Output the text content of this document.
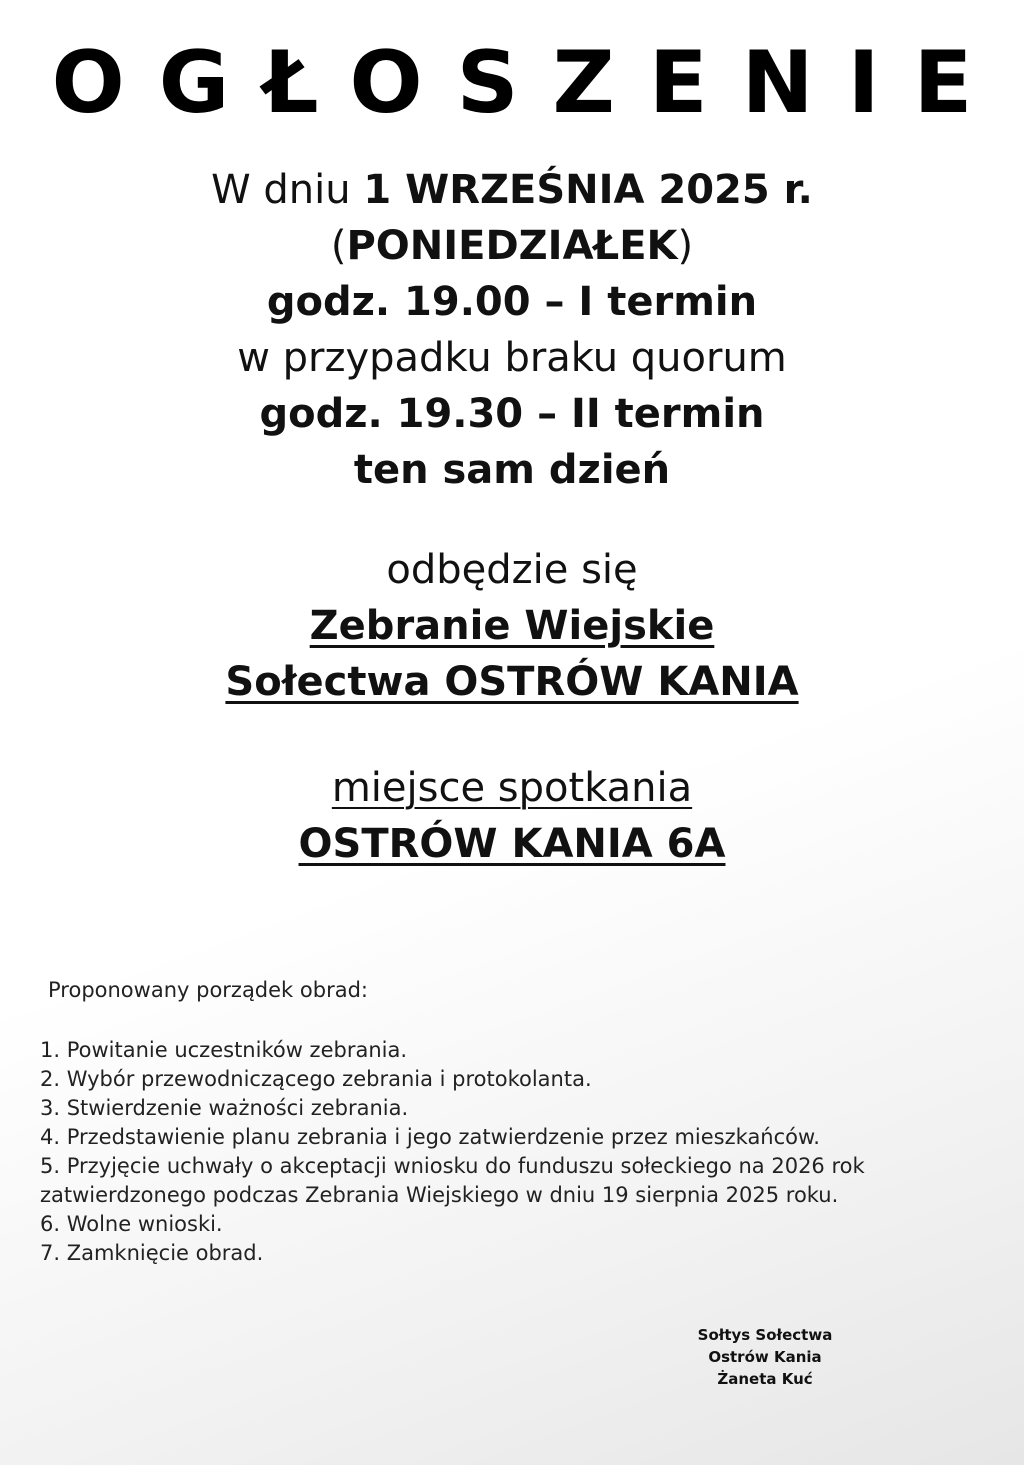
OGŁOSZENIE
W dniu 1 WRZEŚNIA 2025 r.
(PONIEDZIAŁEK)
godz. 19.00 – I termin
w przypadku braku quorum
godz. 19.30 – II termin
ten sam dzień
odbędzie się
Zebranie Wiejskie
Sołectwa OSTRÓW KANIA
miejsce spotkania
OSTRÓW KANIA 6A
Proponowany porządek obrad:

1. Powitanie uczestników zebrania.

2. Wybór przewodniczącego zebrania i protokolanta.

3. Stwierdzenie ważności zebrania.

4. Przedstawienie planu zebrania i jego zatwierdzenie przez mieszkańców.

5. Przyjęcie uchwały o akceptacji wniosku do funduszu sołeckiego na 2026 rok zatwierdzonego podczas Zebrania Wiejskiego w dniu 19 sierpnia 2025 roku.

6. Wolne wnioski.

7. Zamknięcie obrad.

Sołtys Sołectwa
Ostrów Kania
Żaneta Kuć
